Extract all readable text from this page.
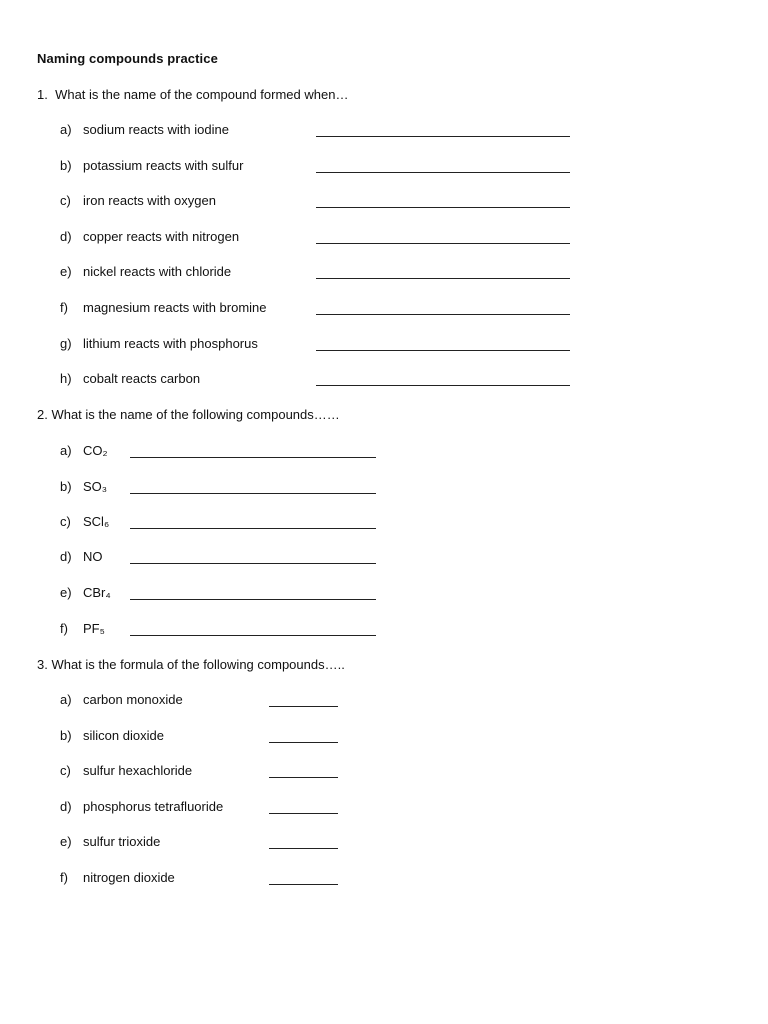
Naming compounds practice
1.  What is the name of the compound formed when…
a) sodium reacts with iodine
b) potassium reacts with sulfur
c) iron reacts with oxygen
d) copper reacts with nitrogen
e) nickel reacts with chloride
f)	magnesium reacts with bromine
g) lithium reacts with phosphorus
h) cobalt reacts carbon
2. What is the name of the following compounds……
a) CO₂
b) SO₃
c) SCl₆
d) NO
e) CBr₄
f)	PF₅
3. What is the formula of the following compounds…..
a) carbon monoxide
b) silicon dioxide
c) sulfur hexachloride
d) phosphorus tetrafluoride
e) sulfur trioxide
f)	nitrogen dioxide
